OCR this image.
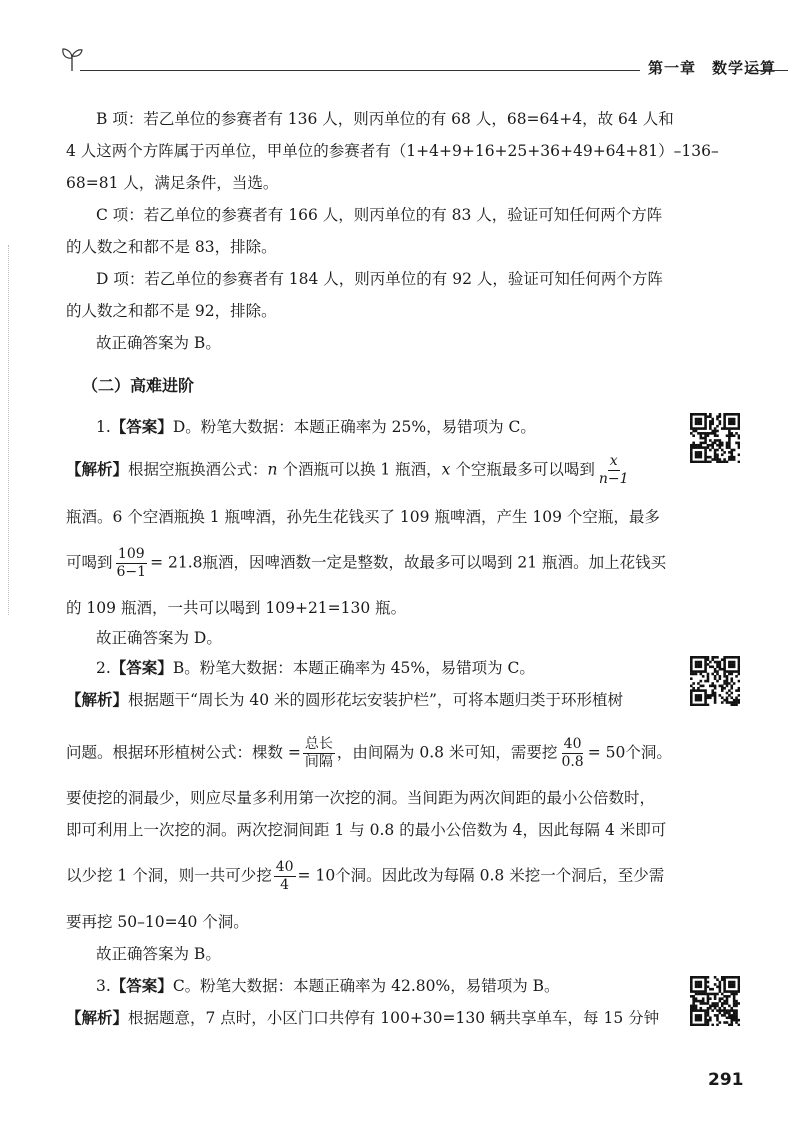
第一章　数学运算
B 项：若乙单位的参赛者有 136 人，则丙单位的有 68 人，68=64+4，故 64 人和
4 人这两个方阵属于丙单位，甲单位的参赛者有（1+4+9+16+25+36+49+64+81）–136–
68=81 人，满足条件，当选。
C 项：若乙单位的参赛者有 166 人，则丙单位的有 83 人，验证可知任何两个方阵
的人数之和都不是 83，排除。
D 项：若乙单位的参赛者有 184 人，则丙单位的有 92 人，验证可知任何两个方阵
的人数之和都不是 92，排除。
故正确答案为 B。
（二）高难进阶
1.【答案】D。粉笔大数据：本题正确率为 25%，易错项为 C。
【解析】根据空瓶换酒公式：n 个酒瓶可以换 1 瓶酒，x 个空瓶最多可以喝到 $\frac{x}{n-1}$
瓶酒。6 个空酒瓶换 1 瓶啤酒，孙先生花钱买了 109 瓶啤酒，产生 109 个空瓶，最多
可喝到 $\frac{109}{6-1} = 21.8$瓶酒，因啤酒数一定是整数，故最多可以喝到 21 瓶酒。加上花钱买
的 109 瓶酒，一共可以喝到 109+21=130 瓶。
故正确答案为 D。
2.【答案】B。粉笔大数据：本题正确率为 45%，易错项为 C。
【解析】根据题干“周长为 40 米的圆形花坛安装护栏”，可将本题归类于环形植树
问题。根据环形植树公式：棵数 = $\frac{\text{总长}}{\text{间隔}}$ ，由间隔为 0.8 米可知，需要挖 $\frac{40}{0.8} = 50$个洞。
要使挖的洞最少，则应尽量多利用第一次挖的洞。当间距为两次间距的最小公倍数时，
即可利用上一次挖的洞。两次挖洞间距 1 与 0.8 的最小公倍数为 4，因此每隔 4 米即可
以少挖 1 个洞，则一共可少挖 $\frac{40}{4} = 10$个洞。因此改为每隔 0.8 米挖一个洞后，至少需
要再挖 50–10=40 个洞。
故正确答案为 B。
3.【答案】C。粉笔大数据：本题正确率为 42.80%，易错项为 B。
【解析】根据题意，7 点时，小区门口共停有 100+30=130 辆共享单车，每 15 分钟
291
